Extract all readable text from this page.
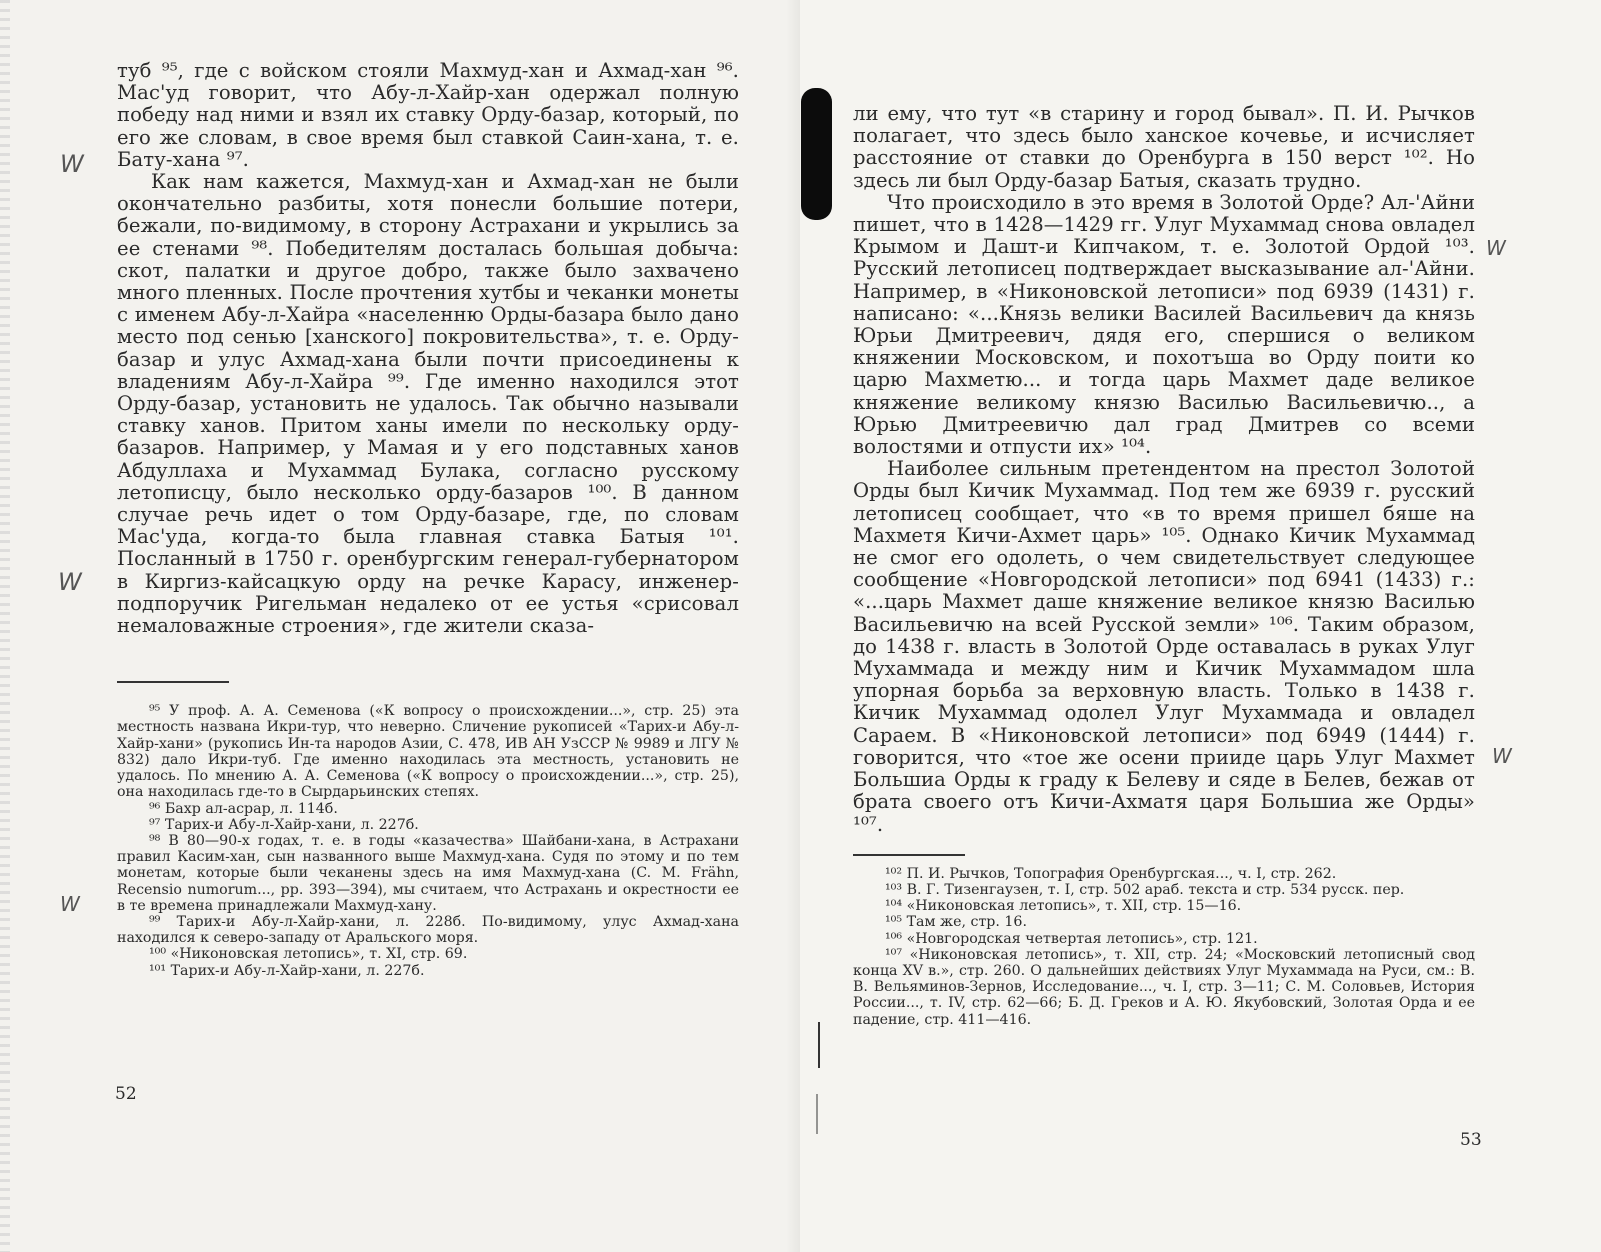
туб ⁹⁵, где с войском стояли Махмуд-хан и Ахмад-хан ⁹⁶. Мас'уд говорит, что Абу-л-Хайр-хан одержал полную победу над ними и взял их ставку Орду-базар, который, по его же словам, в свое время был ставкой Саин-хана, т. е. Бату-хана ⁹⁷.

Как нам кажется, Махмуд-хан и Ахмад-хан не были окончательно разбиты, хотя понесли большие потери, бежали, по-видимому, в сторону Астрахани и укрылись за ее стенами ⁹⁸. Победителям досталась большая добыча: скот, палатки и другое добро, также было захвачено много пленных. После прочтения хутбы и чеканки монеты с именем Абу-л-Хайра «населенню Орды-базара было дано место под сенью [ханского] покровительства», т. е. Орду-базар и улус Ахмад-хана были почти присоединены к владениям Абу-л-Хайра ⁹⁹. Где именно находился этот Орду-базар, установить не удалось. Так обычно называли ставку ханов. Притом ханы имели по нескольку орду-базаров. Например, у Мамая и у его подставных ханов Абдуллаха и Мухаммад Булака, согласно русскому летописцу, было несколько орду-базаров ¹⁰⁰. В данном случае речь идет о том Орду-базаре, где, по словам Мас'уда, когда-то была главная ставка Батыя ¹⁰¹. Посланный в 1750 г. оренбургским генерал-губернатором в Киргиз-кайсацкую орду на речке Карасу, инженер-подпоручик Ригельман недалеко от ее устья «срисовал немаловажные строения», где жители сказа-

⁹⁵ У проф. А. А. Семенова («К вопросу о происхождении...», стр. 25) эта местность названа Икри-тур, что неверно. Сличение рукописей «Тарих-и Абу-л-Хайр-хани» (рукопись Ин-та народов Азии, С. 478, ИВ АН УзССР № 9989 и ЛГУ № 832) дало Икри-туб. Где именно находилась эта местность, установить не удалось. По мнению А. А. Семенова («К вопросу о происхождении...», стр. 25), она находилась где-то в Сырдарьинских степях.

⁹⁶ Бахр ал-асрар, л. 114б.

⁹⁷ Тарих-и Абу-л-Хайр-хани, л. 227б.

⁹⁸ В 80—90-х годах, т. е. в годы «казачества» Шайбани-хана, в Астрахани правил Касим-хан, сын названного выше Махмуд-хана. Судя по этому и по тем монетам, которые были чеканены здесь на имя Махмуд-хана (C. M. Frähn, Recensio numorum..., pp. 393—394), мы считаем, что Астрахань и окрестности ее в те времена принадлежали Махмуд-хану.

⁹⁹ Тарих-и Абу-л-Хайр-хани, л. 228б. По-видимому, улус Ахмад-хана находился к северо-западу от Аральского моря.

¹⁰⁰ «Никоновская летопись», т. XI, стр. 69.

¹⁰¹ Тарих-и Абу-л-Хайр-хани, л. 227б.

52
W
W
W

ли ему, что тут «в старину и город бывал». П. И. Рычков полагает, что здесь было ханское кочевье, и исчисляет расстояние от ставки до Оренбурга в 150 верст ¹⁰². Но здесь ли был Орду-базар Батыя, сказать трудно.

Что происходило в это время в Золотой Орде? Ал-'Айни пишет, что в 1428—1429 гг. Улуг Мухаммад снова овладел Крымом и Дашт-и Кипчаком, т. е. Золотой Ордой ¹⁰³. Русский летописец подтверждает высказывание ал-'Айни. Например, в «Никоновской летописи» под 6939 (1431) г. написано: «...Князь велики Василей Васильевич да князь Юрьи Дмитреевич, дядя его, спершися о великом княжении Московском, и похотъша во Орду поити ко царю Махметю... и тогда царь Махмет даде великое княжение великому князю Василью Васильевичю.., а Юрью Дмитреевичю дал град Дмитрев со всеми волостями и отпусти их» ¹⁰⁴.

Наиболее сильным претендентом на престол Золотой Орды был Кичик Мухаммад. Под тем же 6939 г. русский летописец сообщает, что «в то время пришел бяше на Махметя Кичи-Ахмет царь» ¹⁰⁵. Однако Кичик Мухаммад не смог его одолеть, о чем свидетельствует следующее сообщение «Новгородской летописи» под 6941 (1433) г.: «...царь Махмет даше княжение великое князю Василью Васильевичю на всей Русской земли» ¹⁰⁶. Таким образом, до 1438 г. власть в Золотой Орде оставалась в руках Улуг Мухаммада и между ним и Кичик Мухаммадом шла упорная борьба за верховную власть. Только в 1438 г. Кичик Мухаммад одолел Улуг Мухаммада и овладел Сараем. В «Никоновской летописи» под 6949 (1444) г. говорится, что «тое же осени прииде царь Улуг Махмет Большиа Орды к граду к Белеву и сяде в Белев, бежав от брата своего отъ Кичи-Ахматя царя Большиа же Орды» ¹⁰⁷.

¹⁰² П. И. Рычков, Топография Оренбургская..., ч. I, стр. 262.

¹⁰³ В. Г. Тизенгаузен, т. I, стр. 502 араб. текста и стр. 534 русск. пер.

¹⁰⁴ «Никоновская летопись», т. XII, стр. 15—16.

¹⁰⁵ Там же, стр. 16.

¹⁰⁶ «Новгородская четвертая летопись», стр. 121.

¹⁰⁷ «Никоновская летопись», т. XII, стр. 24; «Московский летописный свод конца XV в.», стр. 260. О дальнейших действиях Улуг Мухаммада на Руси, см.: В. В. Вельяминов-Зернов, Исследование..., ч. I, стр. 3—11; С. М. Соловьев, История России..., т. IV, стр. 62—66; Б. Д. Греков и А. Ю. Якубовский, Золотая Орда и ее падение, стр. 411—416.

53
W
W
